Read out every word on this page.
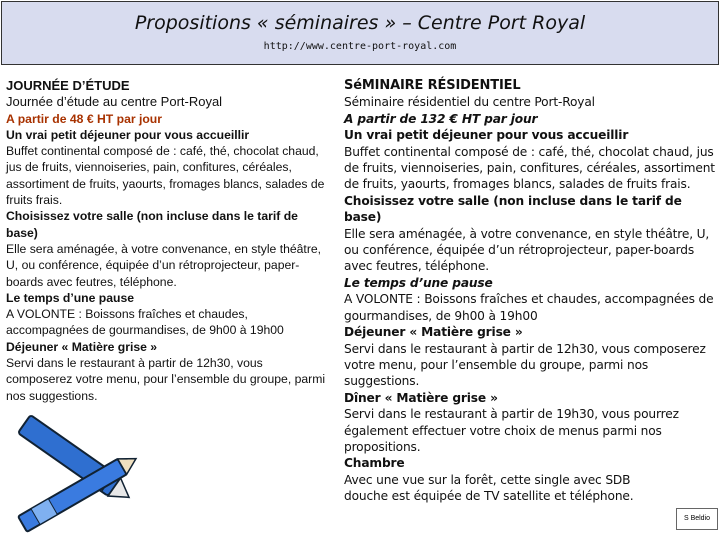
Propositions « séminaires » – Centre Port Royal
http://www.centre-port-royal.com

JOURNÉE D’ÉTUDE

Journée d’étude au centre Port-Royal

A partir de 48 € HT par jour

Un vrai petit déjeuner pour vous accueillir

Buffet continental composé de : café, thé, chocolat chaud, jus de fruits, viennoiseries, pain, confitures, céréales, assortiment de fruits, yaourts, fromages blancs, salades de fruits frais.

Choisissez votre salle (non incluse dans le tarif de base)

Elle sera aménagée, à votre convenance, en style théâtre, U, ou conférence, équipée d’un rétroprojecteur, paper-boards avec feutres, téléphone.

Le temps d’une pause

A VOLONTE : Boissons fraîches et chaudes, accompagnées de gourmandises, de 9h00 à 19h00

Déjeuner « Matière grise »

Servi dans le restaurant à partir de 12h30, vous composerez votre menu, pour l’ensemble du groupe, parmi nos suggestions.

SéMINAIRE RÉSIDENTIEL

Séminaire résidentiel du centre Port-Royal

A partir de 132 € HT par jour

Un vrai petit déjeuner pour vous accueillir

Buffet continental composé de : café, thé, chocolat chaud, jus de fruits, viennoiseries, pain, confitures, céréales, assortiment de fruits, yaourts, fromages blancs, salades de fruits frais.

Choisissez votre salle (non incluse dans le tarif de base)

Elle sera aménagée, à votre convenance, en style théâtre, U, ou conférence, équipée d’un rétroprojecteur, paper-boards avec feutres, téléphone.

Le temps d’une pause

A VOLONTE : Boissons fraîches et chaudes, accompagnées de gourmandises, de 9h00 à 19h00

Déjeuner « Matière grise »

Servi dans le restaurant à partir de 12h30, vous composerez votre menu, pour l’ensemble du groupe, parmi nos suggestions.

Dîner « Matière grise »

Servi dans le restaurant à partir de 19h30, vous pourrez également effectuer votre choix de menus parmi nos propositions.

Chambre

Avec une vue sur la forêt, cette single avec SDB douche est équipée de TV satellite et téléphone.

S Beldio
